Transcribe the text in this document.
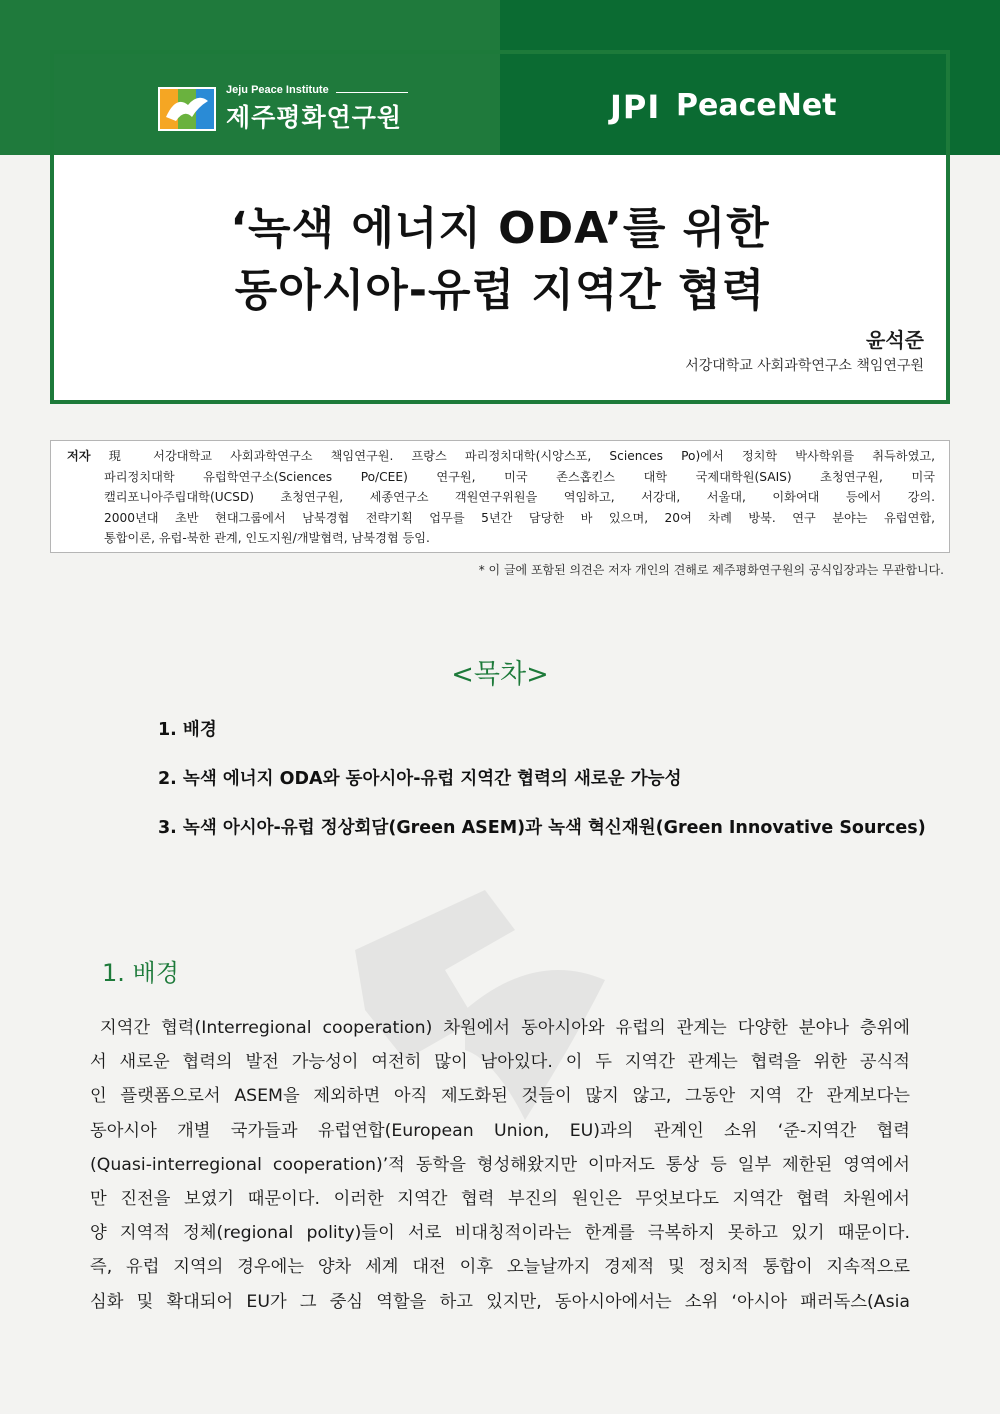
Jeju Peace Institute
제주평화연구원	JPI PeaceNet
‘녹색 에너지 ODA’를 위한
동아시아-유럽 지역간 협력
윤석준
서강대학교 사회과학연구소 책임연구원
저자 現 서강대학교 사회과학연구소 책임연구원. 프랑스 파리정치대학(시앙스포, Sciences Po)에서 정치학 박사학위를 취득하였고,
파리정치대학 유럽학연구소(Sciences Po/CEE) 연구원, 미국 존스홉킨스 대학 국제대학원(SAIS) 초청연구원, 미국
캘리포니아주립대학(UCSD) 초청연구원, 세종연구소 객원연구위원을 역임하고, 서강대, 서울대, 이화여대 등에서 강의.
2000년대 초반 현대그룹에서 남북경협 전략기획 업무를 5년간 담당한 바 있으며, 20여 차례 방북. 연구 분야는 유럽연합,
통합이론, 유럽-북한 관계, 인도지원/개발협력, 남북경협 등임.
* 이 글에 포함된 의견은 저자 개인의 견해로 제주평화연구원의 공식입장과는 무관합니다.
<목차>
1. 배경
2. 녹색 에너지 ODA와 동아시아-유럽 지역간 협력의 새로운 가능성
3. 녹색 아시아-유럽 정상회담(Green ASEM)과 녹색 혁신재원(Green Innovative Sources)
1. 배경
지역간 협력(Interregional cooperation) 차원에서 동아시아와 유럽의 관계는 다양한 분야나 층위에
서 새로운 협력의 발전 가능성이 여전히 많이 남아있다. 이 두 지역간 관계는 협력을 위한 공식적
인 플랫폼으로서 ASEM을 제외하면 아직 제도화된 것들이 많지 않고, 그동안 지역 간 관계보다는
동아시아 개별 국가들과 유럽연합(European Union, EU)과의 관계인 소위 ‘준-지역간 협력
(Quasi-interregional cooperation)’적 동학을 형성해왔지만 이마저도 통상 등 일부 제한된 영역에서
만 진전을 보였기 때문이다. 이러한 지역간 협력 부진의 원인은 무엇보다도 지역간 협력 차원에서
양 지역적 정체(regional polity)들이 서로 비대칭적이라는 한계를 극복하지 못하고 있기 때문이다.
즉, 유럽 지역의 경우에는 양차 세계 대전 이후 오늘날까지 경제적 및 정치적 통합이 지속적으로
심화 및 확대되어 EU가 그 중심 역할을 하고 있지만, 동아시아에서는 소위 ‘아시아 패러독스(Asia
